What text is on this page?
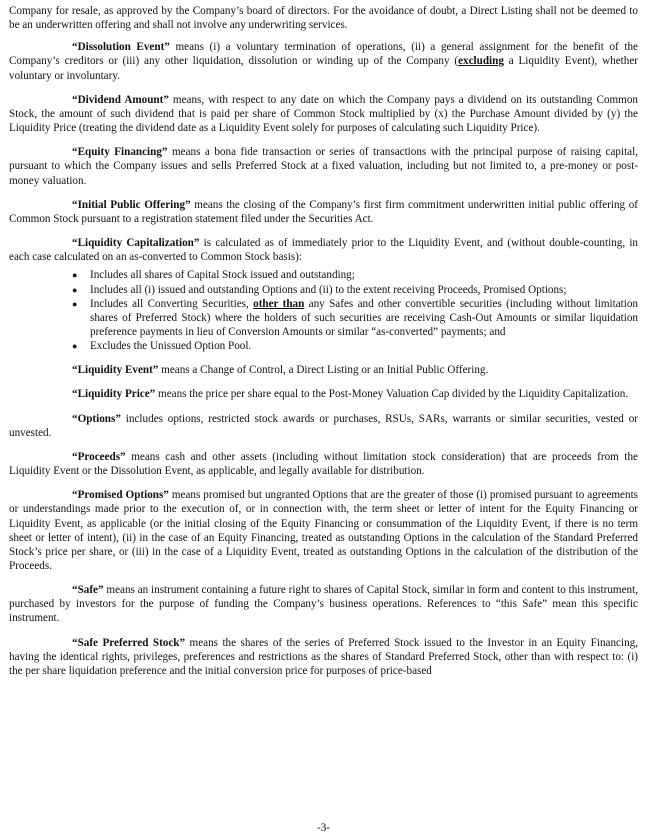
Company for resale, as approved by the Company’s board of directors. For the avoidance of doubt, a Direct Listing shall not be deemed to be an underwritten offering and shall not involve any underwriting services.

“Dissolution Event” means (i) a voluntary termination of operations, (ii) a general assignment for the benefit of the Company’s creditors or (iii) any other liquidation, dissolution or winding up of the Company (excluding a Liquidity Event), whether voluntary or involuntary.

“Dividend Amount” means, with respect to any date on which the Company pays a dividend on its outstanding Common Stock, the amount of such dividend that is paid per share of Common Stock multiplied by (x) the Purchase Amount divided by (y) the Liquidity Price (treating the dividend date as a Liquidity Event solely for purposes of calculating such Liquidity Price).

“Equity Financing” means a bona fide transaction or series of transactions with the principal purpose of raising capital, pursuant to which the Company issues and sells Preferred Stock at a fixed valuation, including but not limited to, a pre-money or post-money valuation.

“Initial Public Offering” means the closing of the Company’s first firm commitment underwritten initial public offering of Common Stock pursuant to a registration statement filed under the Securities Act.

“Liquidity Capitalization” is calculated as of immediately prior to the Liquidity Event, and (without double-counting, in each case calculated on an as-converted to Common Stock basis):

● Includes all shares of Capital Stock issued and outstanding;
● Includes all (i) issued and outstanding Options and (ii) to the extent receiving Proceeds, Promised Options;
● Includes all Converting Securities, other than any Safes and other convertible securities (including without limitation shares of Preferred Stock) where the holders of such securities are receiving Cash-Out Amounts or similar liquidation preference payments in lieu of Conversion Amounts or similar “as-converted” payments; and
● Excludes the Unissued Option Pool.

“Liquidity Event” means a Change of Control, a Direct Listing or an Initial Public Offering.

“Liquidity Price” means the price per share equal to the Post-Money Valuation Cap divided by the Liquidity Capitalization.

“Options” includes options, restricted stock awards or purchases, RSUs, SARs, warrants or similar securities, vested or unvested.

“Proceeds” means cash and other assets (including without limitation stock consideration) that are proceeds from the Liquidity Event or the Dissolution Event, as applicable, and legally available for distribution.

“Promised Options” means promised but ungranted Options that are the greater of those (i) promised pursuant to agreements or understandings made prior to the execution of, or in connection with, the term sheet or letter of intent for the Equity Financing or Liquidity Event, as applicable (or the initial closing of the Equity Financing or consummation of the Liquidity Event, if there is no term sheet or letter of intent), (ii) in the case of an Equity Financing, treated as outstanding Options in the calculation of the Standard Preferred Stock’s price per share, or (iii) in the case of a Liquidity Event, treated as outstanding Options in the calculation of the distribution of the Proceeds.

“Safe” means an instrument containing a future right to shares of Capital Stock, similar in form and content to this instrument, purchased by investors for the purpose of funding the Company’s business operations. References to “this Safe” mean this specific instrument.

“Safe Preferred Stock” means the shares of the series of Preferred Stock issued to the Investor in an Equity Financing, having the identical rights, privileges, preferences and restrictions as the shares of Standard Preferred Stock, other than with respect to: (i) the per share liquidation preference and the initial conversion price for purposes of price-based

-3-
